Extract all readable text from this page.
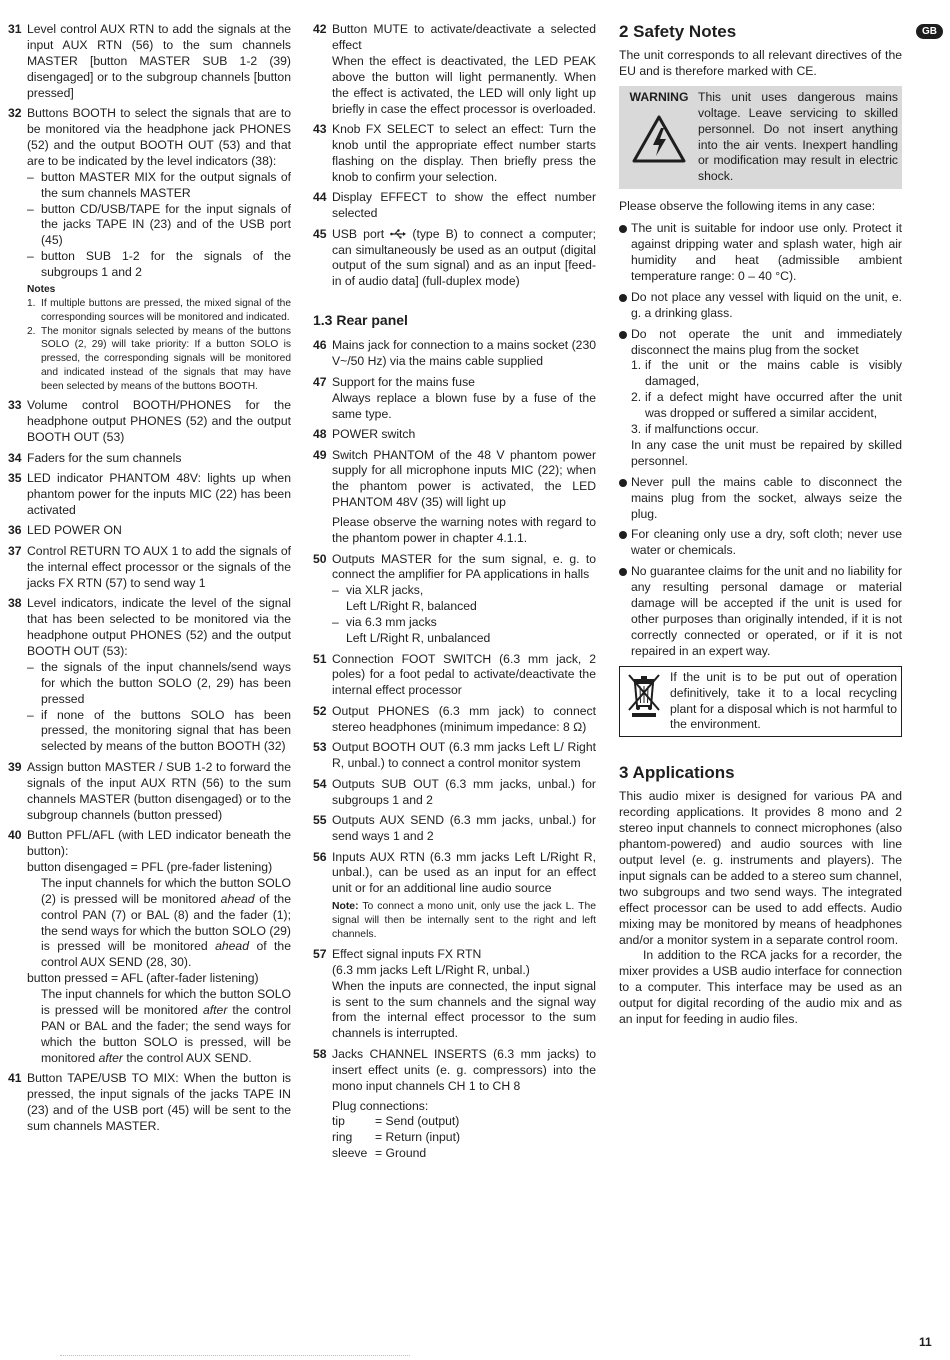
GB
31 Level control AUX RTN to add the signals at the input AUX RTN (56) to the sum channels MASTER [button MASTER SUB 1-2 (39) disengaged] or to the subgroup channels [button pressed]

32 Buttons BOOTH to select the signals that are to be monitored via the headphone jack PHONES (52) and the output BOOTH OUT (53) and that are to be indicated by the level indicators (38):

– button MASTER MIX for the output signals of the sum channels MASTER
– button CD/USB/TAPE for the input signals of the jacks TAPE IN (23) and of the USB port (45)
– button SUB 1-2 for the signals of the subgroups 1 and 2
Notes
1. If multiple buttons are pressed, the mixed signal of the corresponding sources will be monitored and indicated.
2. The monitor signals selected by means of the buttons SOLO (2, 29) will take priority: If a button SOLO is pressed, the corresponding signals will be monitored and indicated instead of the signals that may have been selected by means of the buttons BOOTH.
33 Volume control BOOTH/PHONES for the headphone output PHONES (52) and the output BOOTH OUT (53)

34 Faders for the sum channels

35 LED indicator PHANTOM 48V: lights up when phantom power for the inputs MIC (22) has been activated

36 LED POWER ON

37 Control RETURN TO AUX 1 to add the signals of the internal effect processor or the signals of the jacks FX RTN (57) to send way 1

38 Level indicators, indicate the level of the signal that has been selected to be monitored via the headphone output PHONES (52) and the output BOOTH OUT (53):

– the signals of the input channels/send ways for which the button SOLO (2, 29) has been pressed
– if none of the buttons SOLO has been pressed, the monitoring signal that has been selected by means of the button BOOTH (32)
39 Assign button MASTER / SUB 1-2 to forward the signals of the input AUX RTN (56) to the sum channels MASTER (button disengaged) or to the subgroup channels (button pressed)

40 Button PFL/AFL (with LED indicator beneath the button):

button disengaged = PFL (pre-fader listening)

The input channels for which the button SOLO (2) is pressed will be monitored ahead of the control PAN (7) or BAL (8) and the fader (1); the send ways for which the button SOLO (29) is pressed will be monitored ahead of the control AUX SEND (28, 30).

button pressed = AFL (after-fader listening)

The input channels for which the button SOLO is pressed will be monitored after the control PAN or BAL and the fader; the send ways for which the button SOLO is pressed, will be monitored after the control AUX SEND.
41 Button TAPE/USB TO MIX: When the button is pressed, the input signals of the jacks TAPE IN (23) and of the USB port (45) will be sent to the sum channels MASTER.

42 Button MUTE to activate/deactivate a selected effect

When the effect is deactivated, the LED PEAK above the button will light permanently. When the effect is activated, the LED will only light up briefly in case the effect processor is overloaded.

43 Knob FX SELECT to select an effect: Turn the knob until the appropriate effect number starts flashing on the display. Then briefly press the knob to confirm your selection.

44 Display EFFECT to show the effect number selected

45 USB port (type B) to connect a computer; can simultaneously be used as an output (digital output of the sum signal) and as an input [feed-in of audio data] (full-duplex mode)

1.3 Rear panel
46 Mains jack for connection to a mains socket (230 V~/50 Hz) via the mains cable supplied

47 Support for the mains fuse

Always replace a blown fuse by a fuse of the same type.

48 POWER switch

49 Switch PHANTOM of the 48 V phantom power supply for all microphone inputs MIC (22); when the phantom power is activated, the LED PHANTOM 48V (35) will light up

Please observe the warning notes with regard to the phantom power in chapter 4.1.1.

50 Outputs MASTER for the sum signal, e. g. to connect the amplifier for PA applications in halls

– via XLR jacks,
Left L/Right R, balanced
– via 6.3 mm jacks
Left L/Right R, unbalanced
51 Connection FOOT SWITCH (6.3 mm jack, 2 poles) for a foot pedal to activate/deactivate the internal effect processor

52 Output PHONES (6.3 mm jack) to connect stereo headphones (minimum impedance: 8 Ω)

53 Output BOOTH OUT (6.3 mm jacks Left L/ Right R, unbal.) to connect a control monitor system

54 Outputs SUB OUT (6.3 mm jacks, unbal.) for subgroups 1 and 2

55 Outputs AUX SEND (6.3 mm jacks, unbal.) for send ways 1 and 2

56 Inputs AUX RTN (6.3 mm jacks Left L/Right R, unbal.), can be used as an input for an effect unit or for an additional line audio source

Note: To connect a mono unit, only use the jack L. The signal will then be internally sent to the right and left channels.

57 Effect signal inputs FX RTN

(6.3 mm jacks Left L/Right R, unbal.)

When the inputs are connected, the input signal is sent to the sum channels and the signal way from the internal effect processor to the sum channels is interrupted.

58 Jacks CHANNEL INSERTS (6.3 mm jacks) to insert effect units (e. g. compressors) into the mono input channels CH 1 to CH 8

Plug connections:

tip	= Send (output)
ring	= Return (input)
sleeve = Ground
2 Safety Notes

The unit corresponds to all relevant directives of the EU and is therefore marked with CE.

WARNING This unit uses dangerous mains voltage. Leave servicing to skilled personnel. Do not insert anything into the air vents. Inexpert handling or modification may result in electric shock.

Please observe the following items in any case:

The unit is suitable for indoor use only. Protect it against dripping water and splash water, high air humidity and heat (admissible ambient temperature range: 0 – 40 °C).
Do not place any vessel with liquid on the unit, e. g. a drinking glass.
Do not operate the unit and immediately disconnect the mains plug from the socket
1. if the unit or the mains cable is visibly damaged,
2. if a defect might have occurred after the unit was dropped or suffered a similar accident,
3. if malfunctions occur.
In any case the unit must be repaired by skilled personnel.
Never pull the mains cable to disconnect the mains plug from the socket, always seize the plug.
For cleaning only use a dry, soft cloth; never use water or chemicals.
No guarantee claims for the unit and no liability for any resulting personal damage or material damage will be accepted if the unit is used for other purposes than originally intended, if it is not correctly connected or operated, or if it is not repaired in an expert way.
If the unit is to be put out of operation definitively, take it to a local recycling plant for a disposal which is not harmful to the environment.
3 Applications

This audio mixer is designed for various PA and recording applications. It provides 8 mono and 2 stereo input channels to connect microphones (also phantom-powered) and audio sources with line output level (e. g. instruments and players). The input signals can be added to a stereo sum channel, two subgroups and two send ways. The integrated effect processor can be used to add effects. Audio mixing may be monitored by means of headphones and/or a monitor system in a separate control room.

In addition to the RCA jacks for a recorder, the mixer provides a USB audio interface for connection to a computer. This interface may be used as an output for digital recording of the audio mix and as an input for feeding in audio files.

11
